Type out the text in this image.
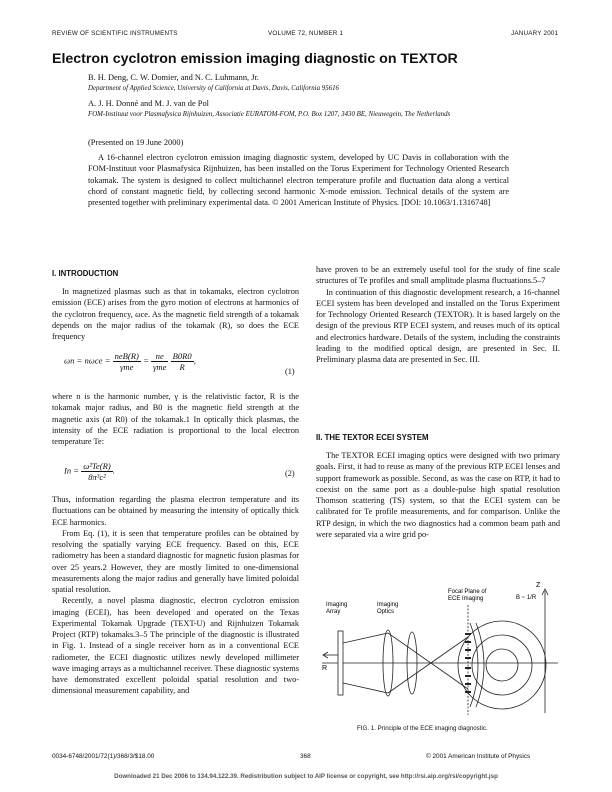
REVIEW OF SCIENTIFIC INSTRUMENTS	VOLUME 72, NUMBER 1	JANUARY 2001
Electron cyclotron emission imaging diagnostic on TEXTOR
B. H. Deng, C. W. Domier, and N. C. Luhmann, Jr.
Department of Applied Science, University of California at Davis, Davis, California 95616
A. J. H. Donné and M. J. van de Pol
FOM-Instituut voor Plasmafysica Rijnhuizen, Associatie EURATOM-FOM, P.O. Box 1207, 3430 BE, Nieuwegein, The Netherlands
(Presented on 19 June 2000)

A 16-channel electron cyclotron emission imaging diagnostic system, developed by UC Davis in collaboration with the FOM-Instituut voor Plasmafysica Rijnhuizen, has been installed on the Torus Experiment for Technology Oriented Research tokamak. The system is designed to collect multichannel electron temperature profile and fluctuation data along a vertical chord of constant magnetic field, by collecting second harmonic X-mode emission. Technical details of the system are presented together with preliminary experimental data. © 2001 American Institute of Physics. [DOI: 10.1063/1.1316748]

I. INTRODUCTION

In magnetized plasmas such as that in tokamaks, electron cyclotron emission (ECE) arises from the gyro motion of electrons at harmonics of the cyclotron frequency, ωce. As the magnetic field strength of a tokamak depends on the major radius of the tokamak (R), so does the ECE frequency

$\omega n = n\omega ce = \frac{\text{neB(R)}}{\text{γme}} = \frac{ne}{\text{γme}}$
$\frac{B0R0}{R}$ ,
(1)

where n is the harmonic number, γ is the relativistic factor, R is the tokamak major radius, and B0 is the magnetic field strength at the magnetic axis (at R0) of the tokamak.1 In optically thick plasmas, the intensity of the ECE radiation is proportional to the local electron temperature Te:

$In = \frac{\text{ω²Te(R)}}{\text{8π³c²}}$ .	(2)

Thus, information regarding the plasma electron temperature and its fluctuations can be obtained by measuring the intensity of optically thick ECE harmonics.

From Eq. (1), it is seen that temperature profiles can be obtained by resolving the spatially varying ECE frequency. Based on this, ECE radiometry has been a standard diagnostic for magnetic fusion plasmas for over 25 years.2 However, they are mostly limited to one-dimensional measurements along the major radius and generally have limited poloidal spatial resolution.

Recently, a novel plasma diagnostic, electron cyclotron emission imaging (ECEI), has been developed and operated on the Texas Experimental Tokamak Upgrade (TEXT-U) and Rijnhuizen Tokamak Project (RTP) tokamaks.3–5 The principle of the diagnostic is illustrated in Fig. 1. Instead of a single receiver horn as in a conventional ECE radiometer, the ECEI diagnostic utilizes newly developed millimeter wave imaging arrays as a multichannel receiver. These diagnostic systems have demonstrated excellent poloidal spatial resolution and two-dimensional measurement capability, and

have proven to be an extremely useful tool for the study of fine scale structures of Te profiles and small amplitude plasma fluctuations.5–7

In continuation of this diagnostic development research, a 16-channel ECEI system has been developed and installed on the Torus Experiment for Technology Oriented Research (TEXTOR). It is based largely on the design of the previous RTP ECEI system, and reuses much of its optical and electronics hardware. Details of the system, including the constraints leading to the modified optical design, are presented in Sec. II. Preliminary plasma data are presented in Sec. III.

II. THE TEXTOR ECEI SYSTEM

The TEXTOR ECEI imaging optics were designed with two primary goals. First, it had to reuse as many of the previous RTP ECEI lenses and support framework as possible. Second, as was the case on RTP, it had to coexist on the same port as a double-pulse high spatial resolution Thomson scattering (TS) system, so that the ECEI system can be calibrated for Te profile measurements, and for comparison. Unlike the RTP design, in which the two diagnostics had a common beam path and were separated via a wire grid po-

Imaging Array
Imaging Optics
Focal Plane of ECE Imaging
Z
B ~ 1/R
R
FIG. 1. Principle of the ECE imaging diagnostic.
0034-6748/2001/72(1)/368/3/$18.00	368	© 2001 American Institute of Physics
Downloaded 21 Dec 2006 to 134.94.122.39. Redistribution subject to AIP license or copyright, see http://rsi.aip.org/rsi/copyright.jsp
